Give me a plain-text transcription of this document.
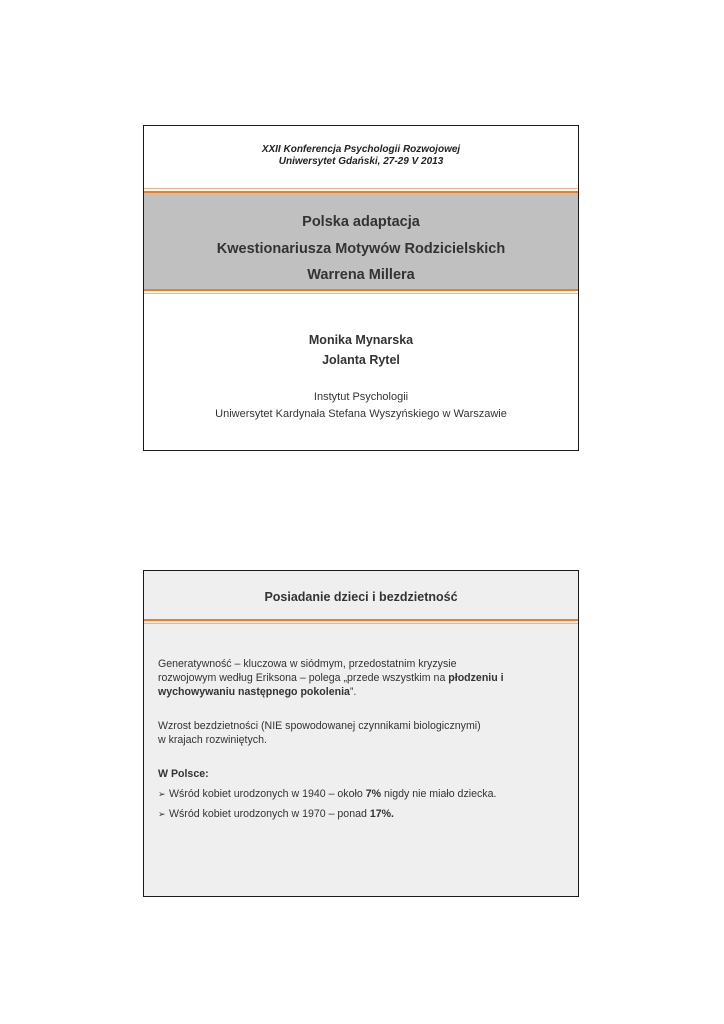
XXII Konferencja Psychologii Rozwojowej
Uniwersytet Gdański, 27-29 V 2013
Polska adaptacja
Kwestionariusza Motywów Rodzicielskich
Warrena Millera
Monika Mynarska
Jolanta Rytel
Instytut Psychologii
Uniwersytet Kardynała Stefana Wyszyńskiego w Warszawie
Posiadanie dzieci i bezdzietność
Generatywność – kluczowa w siódmym, przedostatnim kryzysie
rozwojowym według Eriksona – polega „przede wszystkim na płodzeniu i
wychowywaniu następnego pokolenia”.
Wzrost bezdzietności (NIE spowodowanej czynnikami biologicznymi)
w krajach rozwiniętych.
W Polsce:
➢ Wśród kobiet urodzonych w 1940 – około 7% nigdy nie miało dziecka.
➢ Wśród kobiet urodzonych w 1970 – ponad 17%.
